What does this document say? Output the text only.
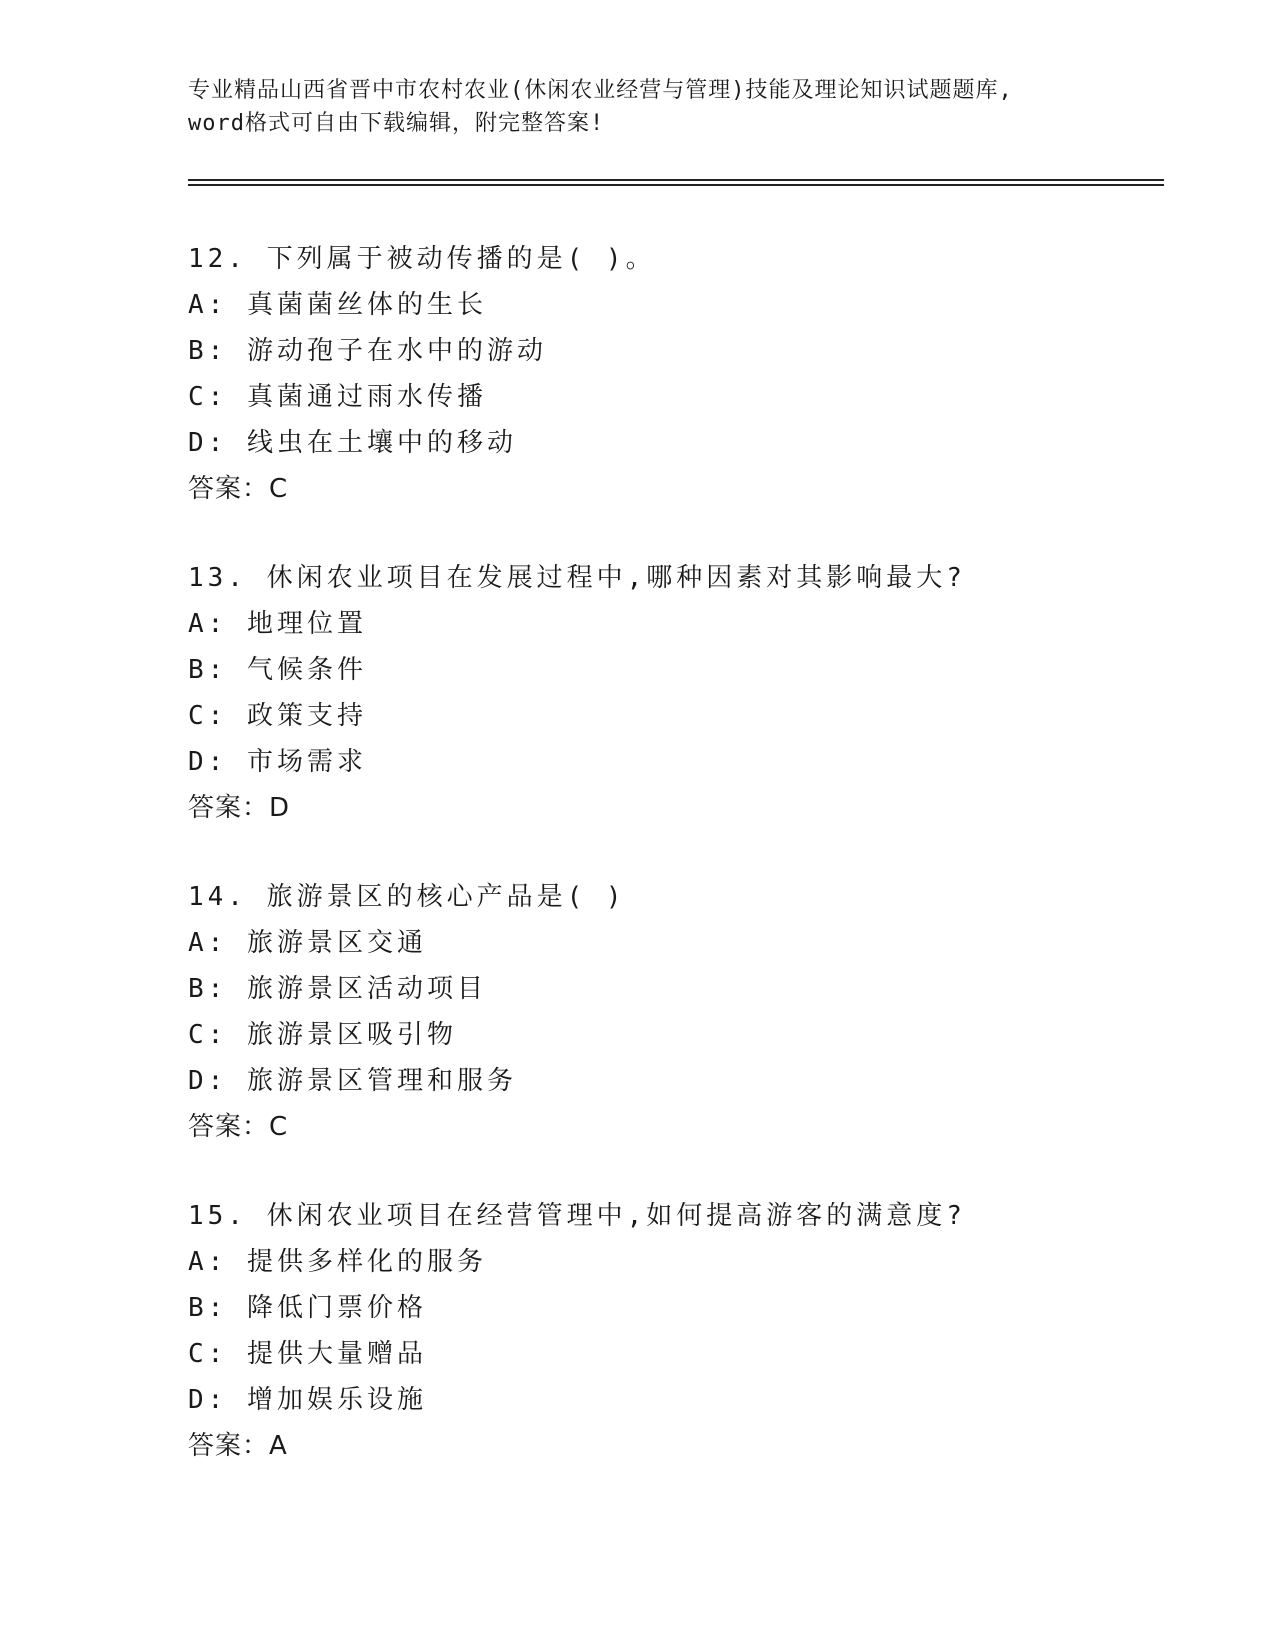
专业精品山西省晋中市农村农业(休闲农业经营与管理)技能及理论知识试题题库,
word格式可自由下载编辑，附完整答案!
12. 下列属于被动传播的是( )。
A: 真菌菌丝体的生长
B: 游动孢子在水中的游动
C: 真菌通过雨水传播
D: 线虫在土壤中的移动
答案：C
13. 休闲农业项目在发展过程中,哪种因素对其影响最大?
A: 地理位置
B: 气候条件
C: 政策支持
D: 市场需求
答案：D
14. 旅游景区的核心产品是( )
A: 旅游景区交通
B: 旅游景区活动项目
C: 旅游景区吸引物
D: 旅游景区管理和服务
答案：C
15. 休闲农业项目在经营管理中,如何提高游客的满意度?
A: 提供多样化的服务
B: 降低门票价格
C: 提供大量赠品
D: 增加娱乐设施
答案：A
